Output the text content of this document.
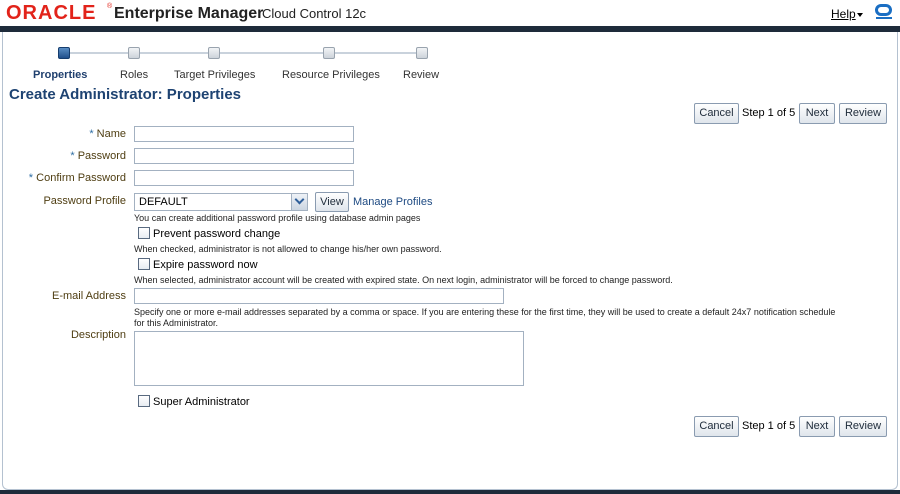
ORACLE ® Enterprise Manager
Cloud Control 12c	Help
Properties	Roles Target Privileges Resource Privileges Review
Create Administrator: Properties
Cancel Step 1 of 5 Next	Review
* Name
* Password
* Confirm Password
Password Profile DEFAULT	View Manage Profiles
You can create additional password profile using database admin pages
Prevent password change
When checked, administrator is not allowed to change his/her own password.
Expire password now
When selected, administrator account will be created with expired state. On next login, administrator will be forced to change password.
E-mail Address
Specify one or more e-mail addresses separated by a comma or space. If you are entering these for the first time, they will be used to create a default 24x7 notification schedule
for this Administrator.
Description
Super Administrator
Cancel Step 1 of 5 Next	Review
